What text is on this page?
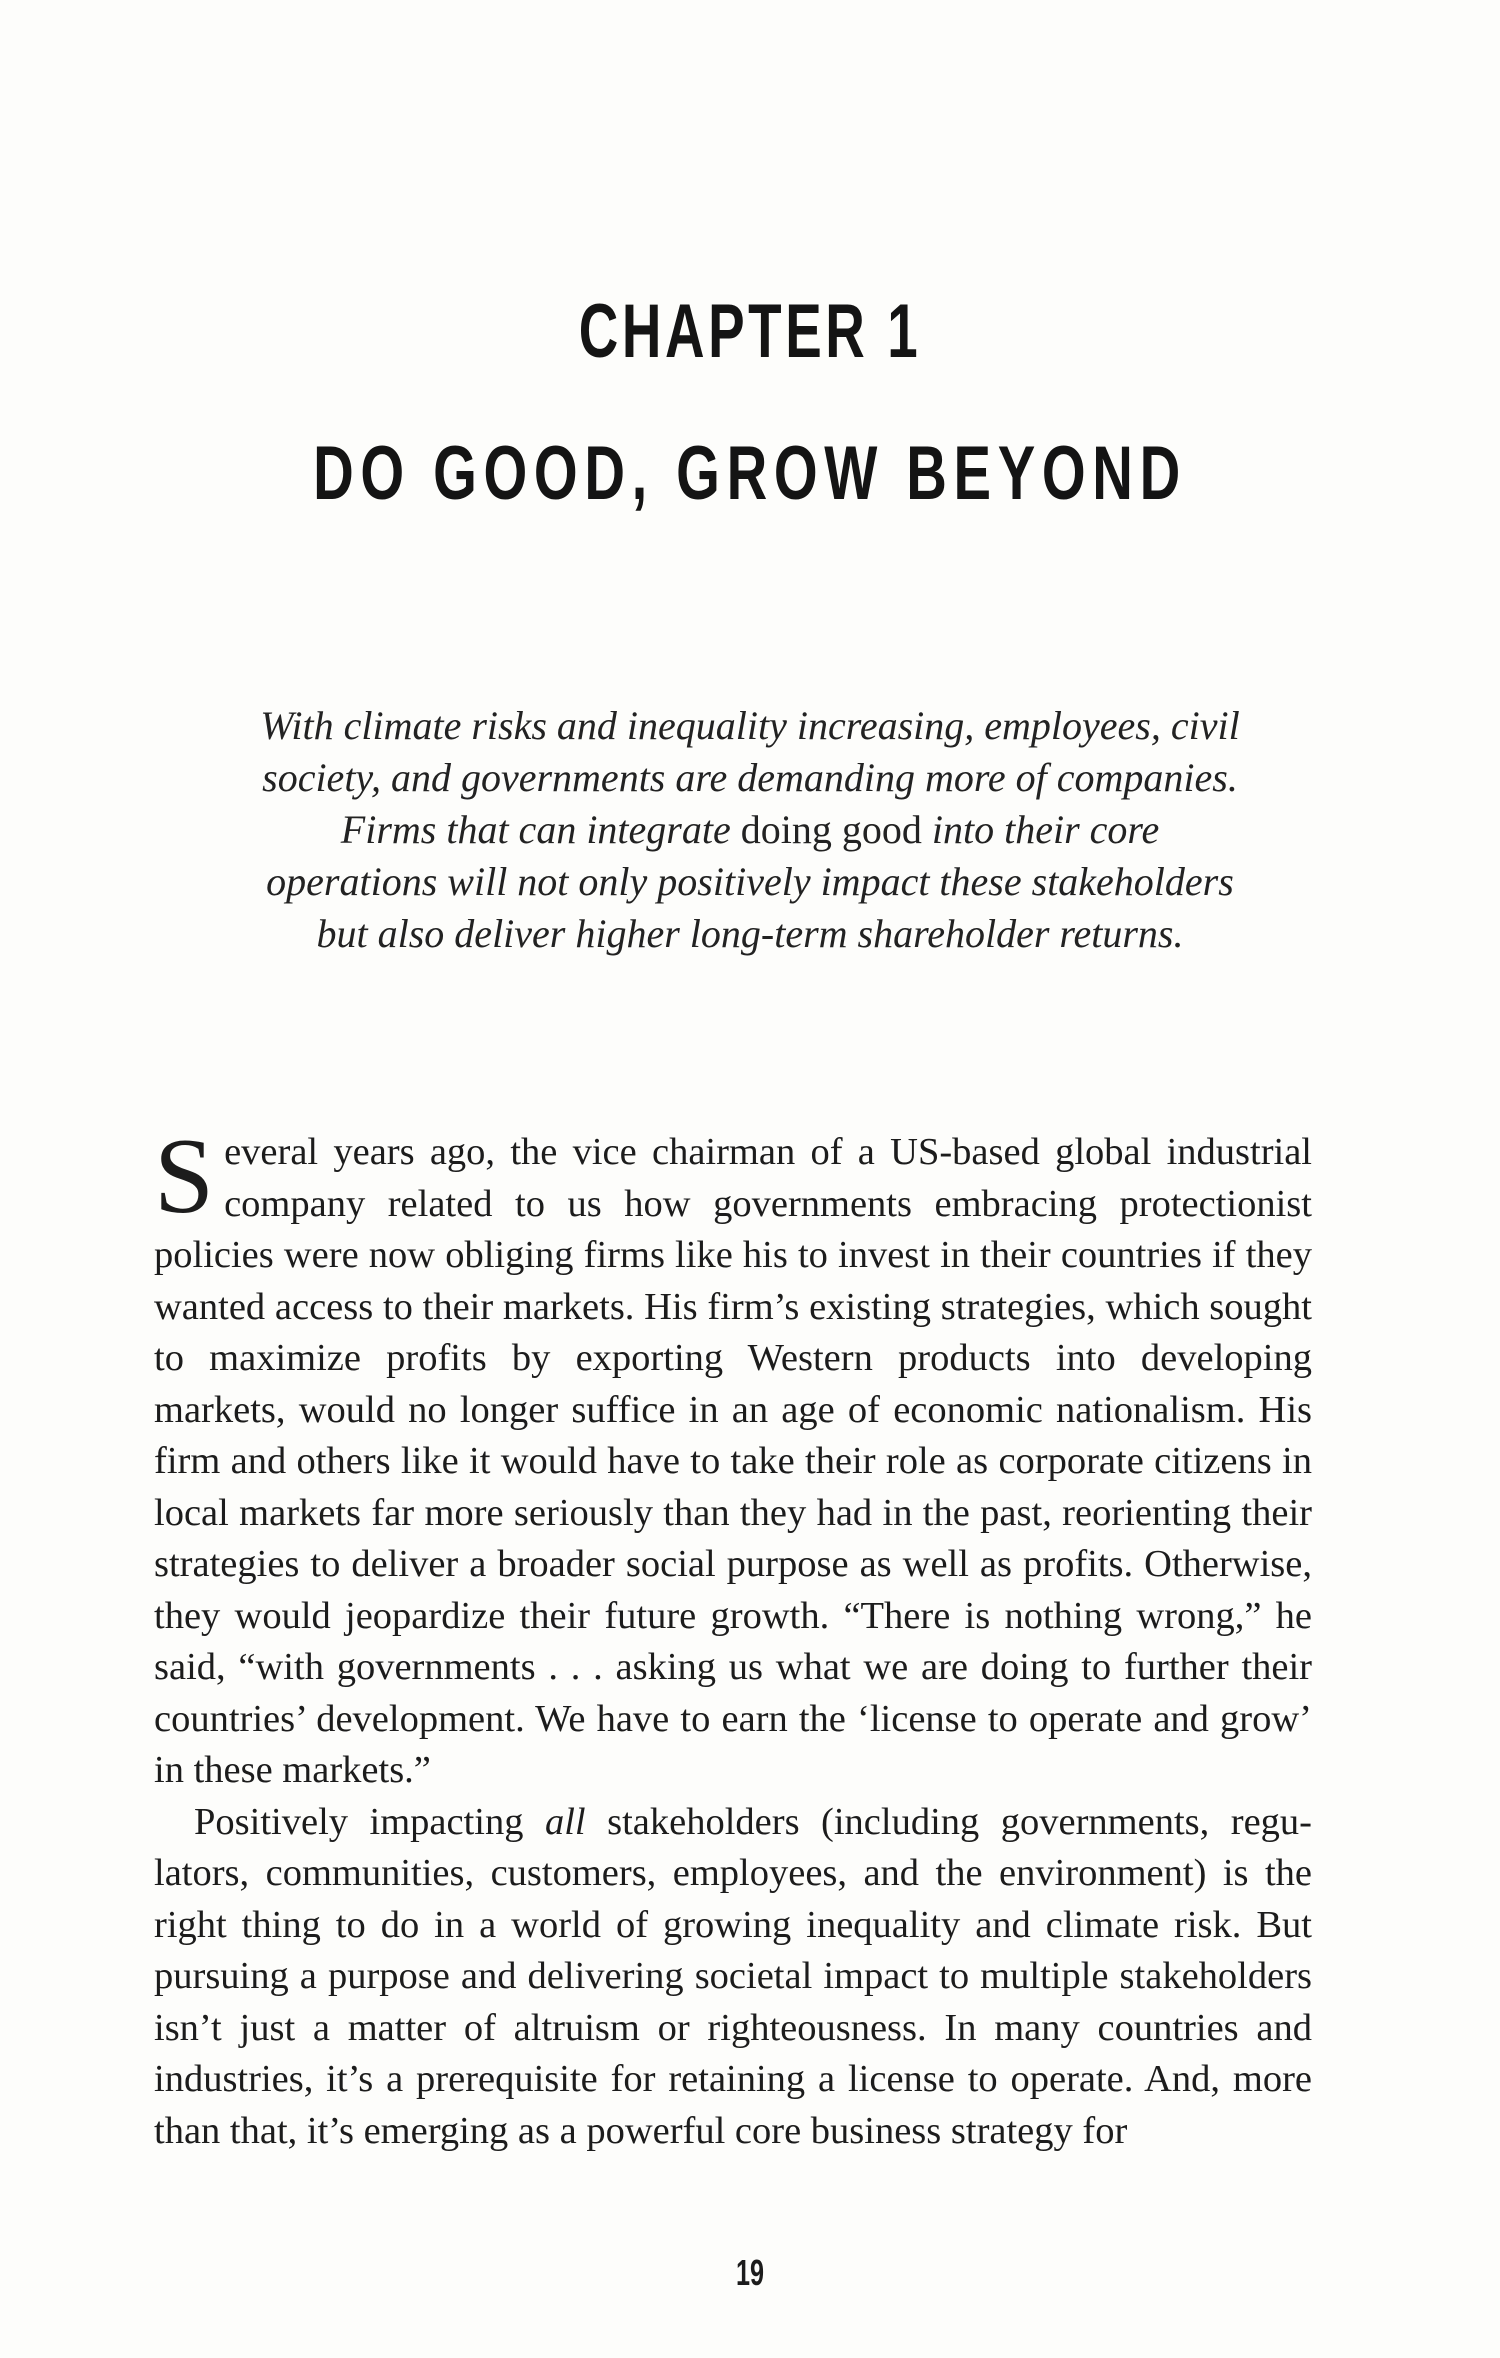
CHAPTER 1
DO GOOD, GROW BEYOND
With climate risks and inequality increasing, employees, civil society, and governments are demanding more of companies. Firms that can integrate doing good into their core operations will not only positively impact these stakeholders but also deliver higher long-term shareholder returns.

Several years ago, the vice chairman of a US-based global industrial company related to us how governments embracing protectionist policies were now obliging firms like his to invest in their countries if they wanted access to their markets. His firm’s existing strategies, which sought to maximize profits by exporting Western products into developing markets, would no longer suffice in an age of economic nationalism. His firm and others like it would have to take their role as corporate citizens in local markets far more seriously than they had in the past, reorienting their strategies to deliver a broader social purpose as well as profits. Otherwise, they would jeopardize their future growth. “There is nothing wrong,” he said, “with governments . . . asking us what we are doing to further their countries’ development. We have to earn the ‘license to operate and grow’ in these markets.”

Positively impacting all stakeholders (including governments, regulators, communities, customers, employees, and the environment) is the right thing to do in a world of growing inequality and climate risk. But pursuing a purpose and delivering societal impact to multiple stakeholders isn’t just a matter of altruism or righteousness. In many countries and industries, it’s a prerequisite for retaining a license to operate. And, more than that, it’s emerging as a powerful core business strategy for

19
